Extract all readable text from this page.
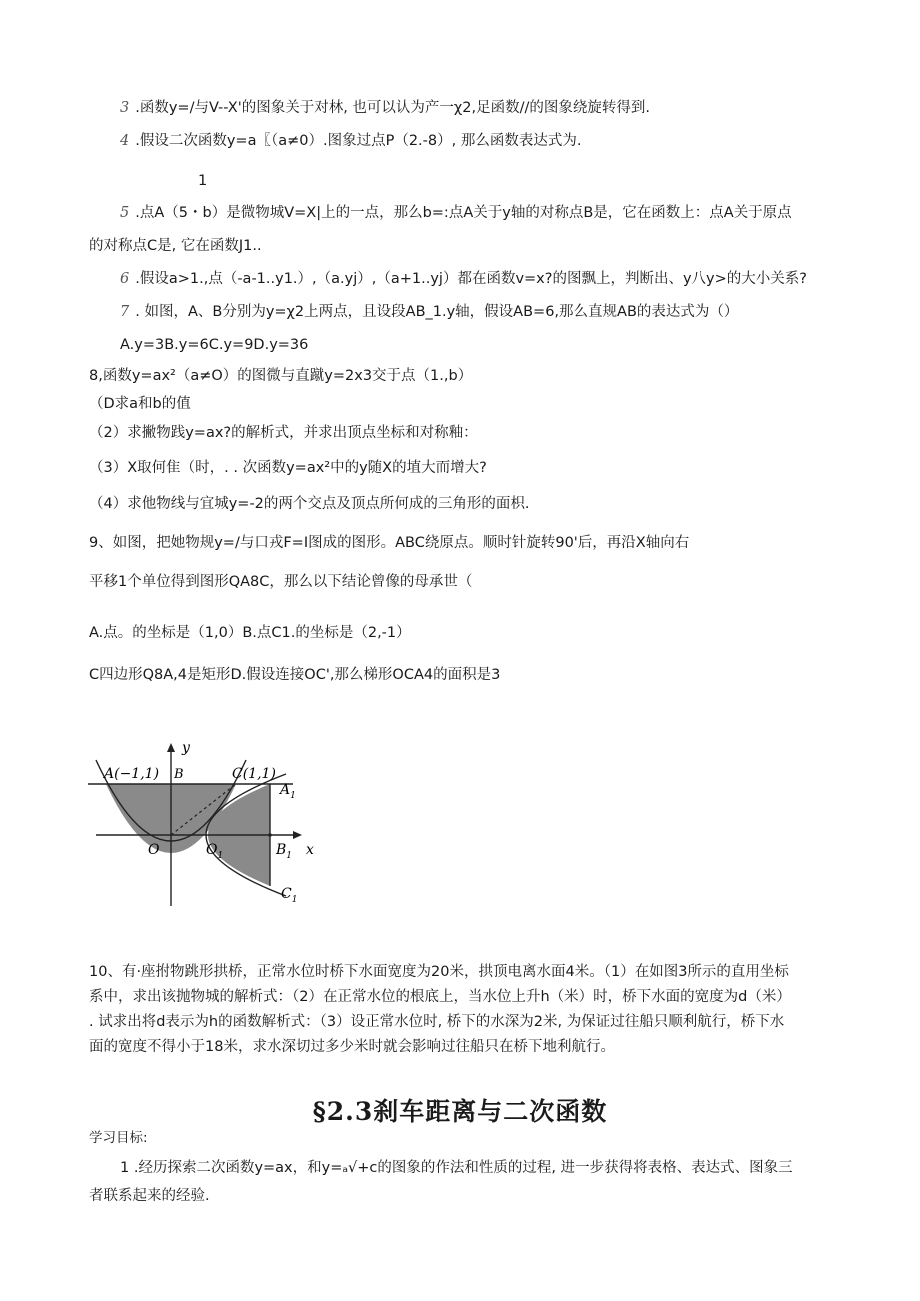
3 .函数y=/与V--X'的图象关于对林, 也可以认为产一χ2,足函数//的图象绕旋转得到.
4 .假设二次函数y=a〖（a≠0）.图象过点P（2.-8）, 那么函数表达式为.
1
5 .点A（5・b）是微物城V=X|上的一点，那么b=:点A关于y轴的对称点B是，它在函数上：点A关于原点
的对称点C是, 它在函数J1..
6 .假设a>1.,点（-a-1..y1.）,（a.yj）,（a+1..yj）都在函数v=x?的图飘上，判断出、y八y>的大小关系?
7 . 如图，A、B分别为y=χ2上两点，且设段AB_1.y轴，假设AB=6,那么直规AB的表达式为（）
A.y=3B.y=6C.y=9D.y=36
8,函数y=ax²（a≠O）的图微与直蹴y=2x3交于点（1.,b）
（D求a和b的值
（2）求撇物践y=ax?的解析式，并求出顶点坐标和对称釉：
（3）X取何隹（时，. . 次函数y=ax²中的y随X的埴大而增大?
（4）求他物线与宜城y=-2的两个交点及顶点所何成的三角形的面枳.
9、如图，把她物规y=/与口戎F=I图成的图形。ABC绕原点。顺时针旋转90'后，再沿X轴向右
平移1个单位得到图形QA8C，那么以下结论曾像的母承世（
A.点。的坐标是（1,0）B.点C1.的坐标是（2,-1）
C四边形Q8A,4是矩形D.假设连接OC',那么梯形OCA4的面积是3
y
A(−1,1) B	C(1,1)
$A_1$
O	$O_1$	$B_1$ x
$C_1$
10、有·座拊物跳形拱桥，正常水位时桥下水面宽度为20米，拱顶电离水面4米。（1）在如图3所示的直用坐标
系中，求出该抛物城的解析式：（2）在正常水位的根底上，当水位上升h（米）时，桥下水面的宽度为d（米）
. 试求出将d表示为h的函数解析式：（3）设正常水位时, 桥下的水深为2米, 为保证过往船只顺利航行，桥下水
面的宽度不得小于18米，求水深切过多少米时就会影响过往船只在桥下地利航行。
§2.3刹车距离与二次函数
学习目标:
1 .经历探索二次函数y=ax，和y=ₐ√+c的图象的作法和性质的过程, 进一步获得将表格、表达式、图象三
者联系起来的经验.
